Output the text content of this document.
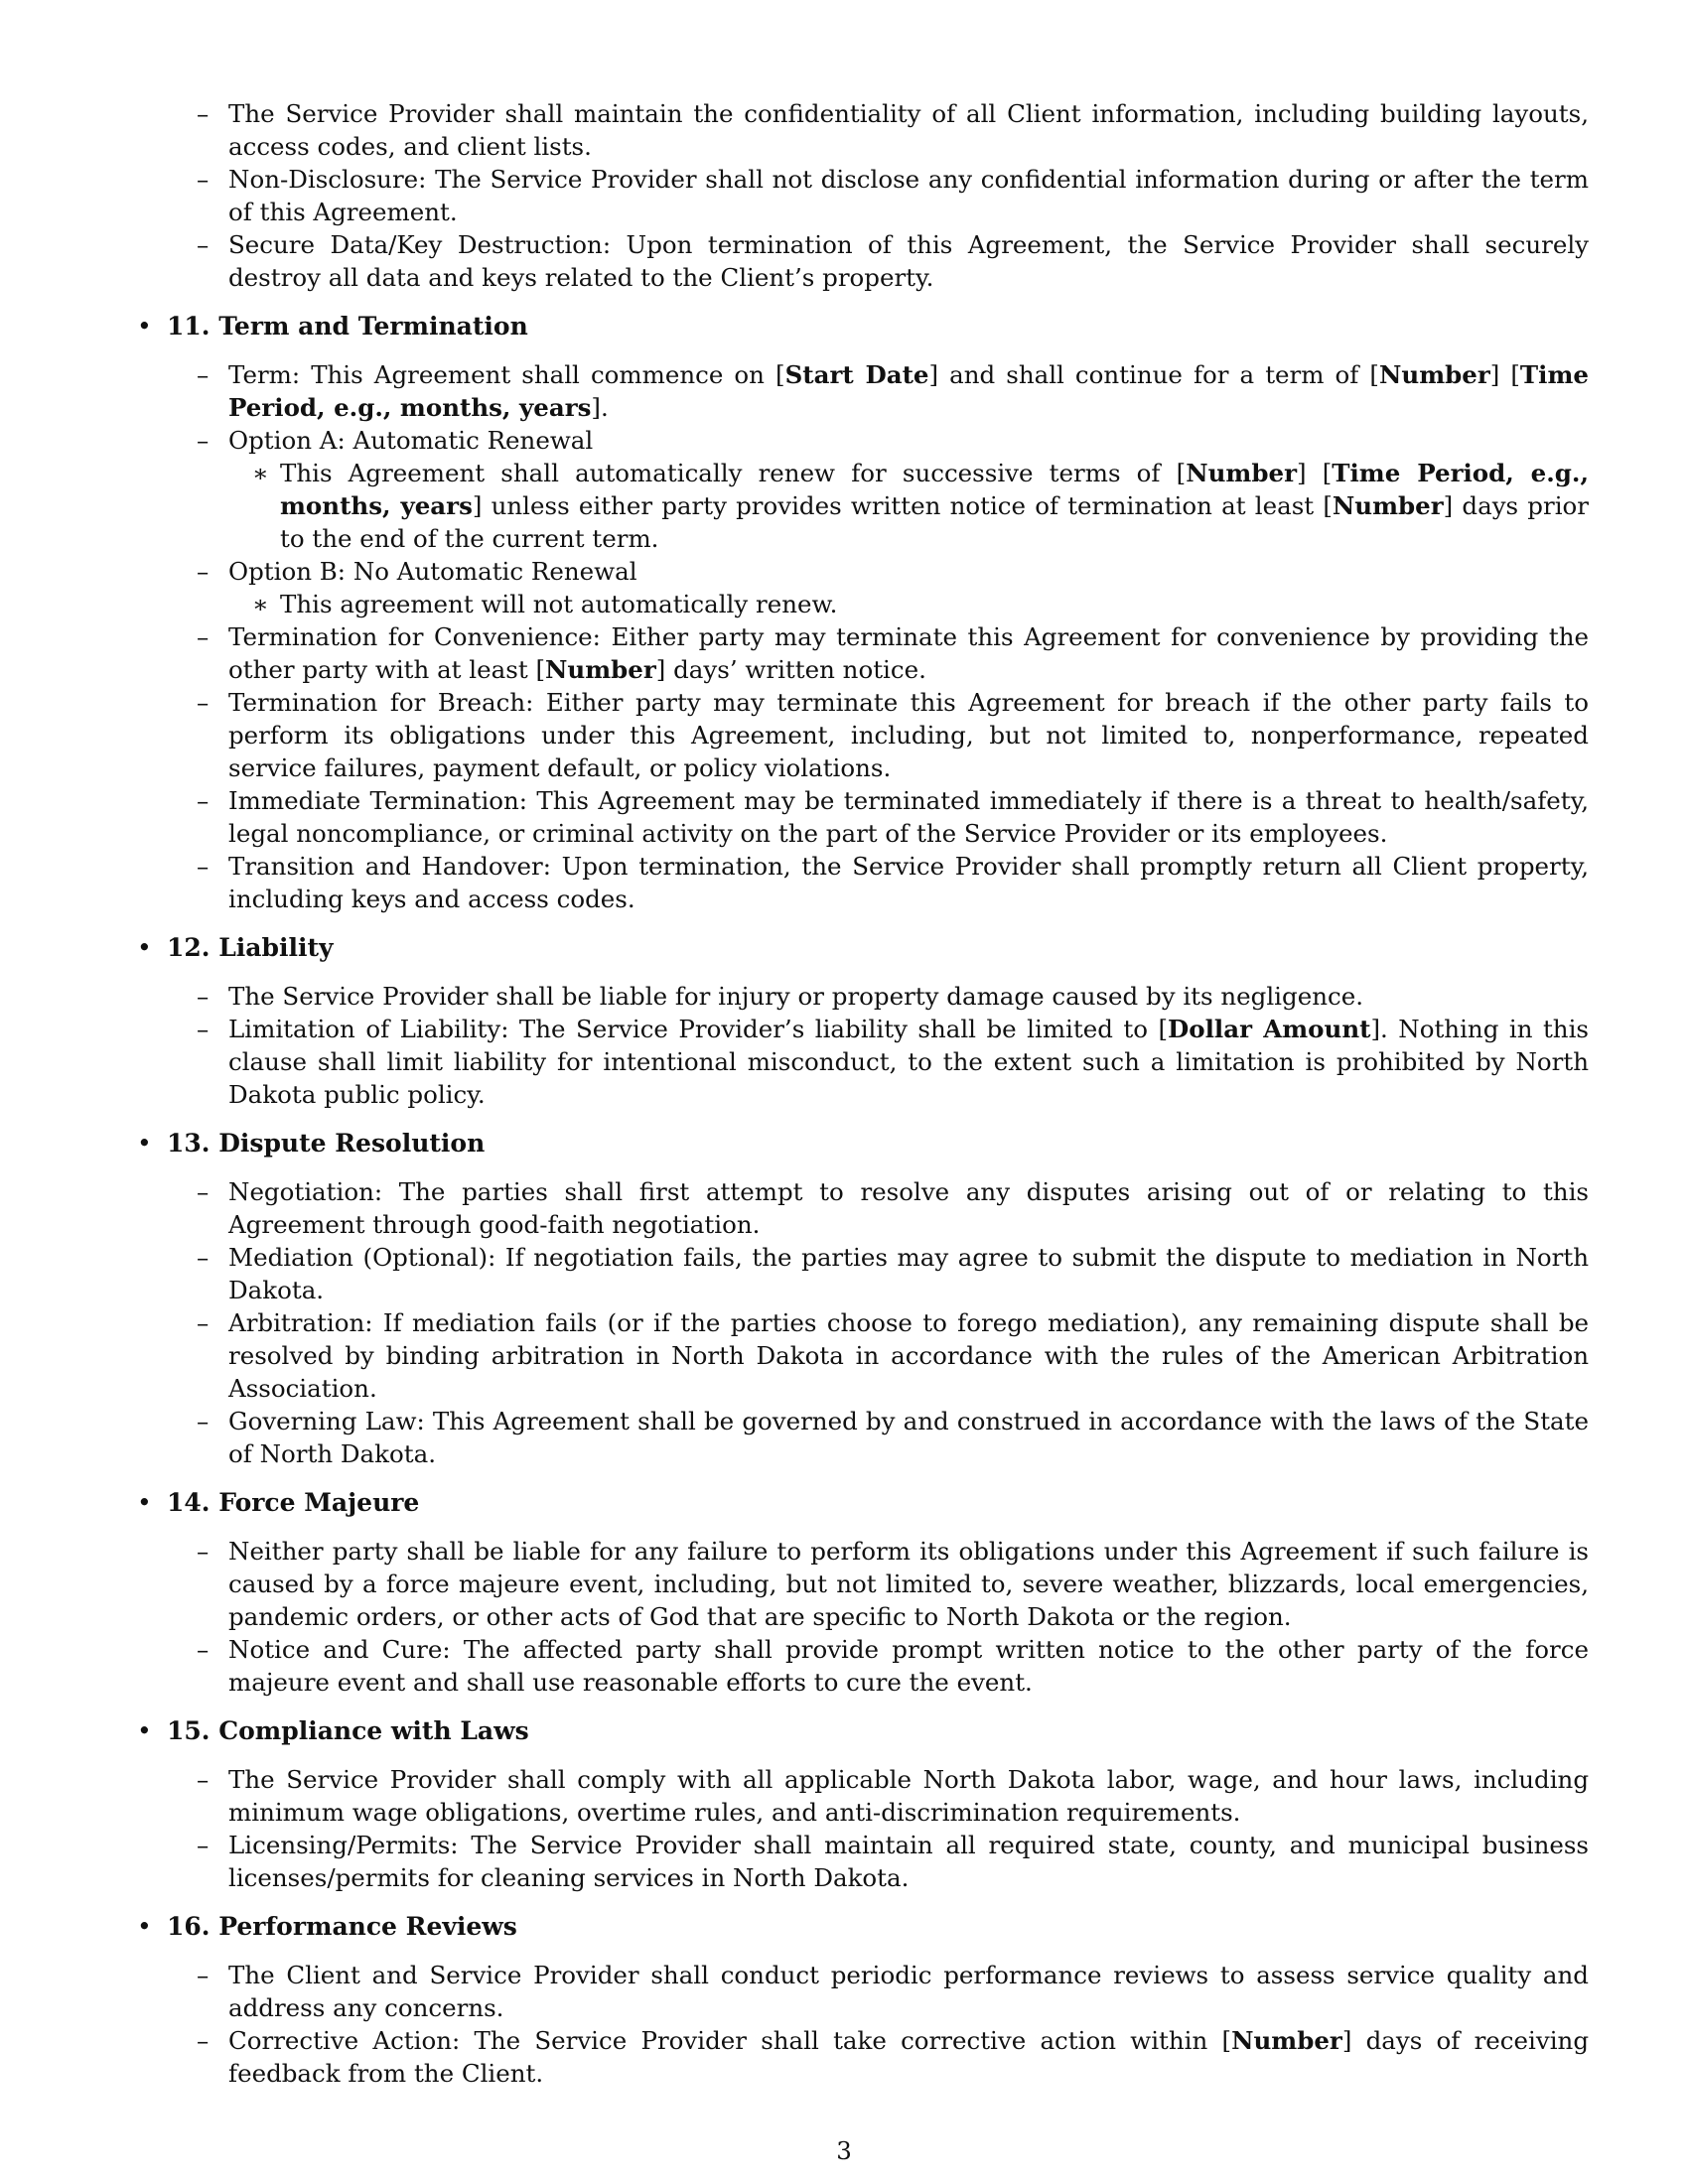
– The Service Provider shall maintain the confidentiality of all Client information, including building layouts, access codes, and client lists.
– Non-Disclosure: The Service Provider shall not disclose any confidential information during or after the term of this Agreement.
– Secure Data/Key Destruction: Upon termination of this Agreement, the Service Provider shall securely destroy all data and keys related to the Client’s property.
• 11. Term and Termination
– Term: This Agreement shall commence on [Start Date] and shall continue for a term of [Number] [Time Period, e.g., months, years].
– Option A: Automatic Renewal
∗ This Agreement shall automatically renew for successive terms of [Number] [Time Period, e.g., months, years] unless either party provides written notice of termination at least [Number] days prior to the end of the current term.
– Option B: No Automatic Renewal
∗ This agreement will not automatically renew.
– Termination for Convenience: Either party may terminate this Agreement for convenience by providing the other party with at least [Number] days’ written notice.
– Termination for Breach: Either party may terminate this Agreement for breach if the other party fails to perform its obligations under this Agreement, including, but not limited to, nonperformance, repeated service failures, payment default, or policy violations.
– Immediate Termination: This Agreement may be terminated immediately if there is a threat to health/safety, legal noncompliance, or criminal activity on the part of the Service Provider or its employees.
– Transition and Handover: Upon termination, the Service Provider shall promptly return all Client property, including keys and access codes.
• 12. Liability
– The Service Provider shall be liable for injury or property damage caused by its negligence.
– Limitation of Liability: The Service Provider’s liability shall be limited to [Dollar Amount]. Nothing in this clause shall limit liability for intentional misconduct, to the extent such a limitation is prohibited by North Dakota public policy.
• 13. Dispute Resolution
– Negotiation: The parties shall first attempt to resolve any disputes arising out of or relating to this Agreement through good-faith negotiation.
– Mediation (Optional): If negotiation fails, the parties may agree to submit the dispute to mediation in North Dakota.
– Arbitration: If mediation fails (or if the parties choose to forego mediation), any remaining dispute shall be resolved by binding arbitration in North Dakota in accordance with the rules of the American Arbitration Association.
– Governing Law: This Agreement shall be governed by and construed in accordance with the laws of the State of North Dakota.
• 14. Force Majeure
– Neither party shall be liable for any failure to perform its obligations under this Agreement if such failure is caused by a force majeure event, including, but not limited to, severe weather, blizzards, local emergencies, pandemic orders, or other acts of God that are specific to North Dakota or the region.
– Notice and Cure: The affected party shall provide prompt written notice to the other party of the force majeure event and shall use reasonable efforts to cure the event.
• 15. Compliance with Laws
– The Service Provider shall comply with all applicable North Dakota labor, wage, and hour laws, including minimum wage obligations, overtime rules, and anti-discrimination requirements.
– Licensing/Permits: The Service Provider shall maintain all required state, county, and municipal business licenses/permits for cleaning services in North Dakota.
• 16. Performance Reviews
– The Client and Service Provider shall conduct periodic performance reviews to assess service quality and address any concerns.
– Corrective Action: The Service Provider shall take corrective action within [Number] days of receiving feedback from the Client.
3
